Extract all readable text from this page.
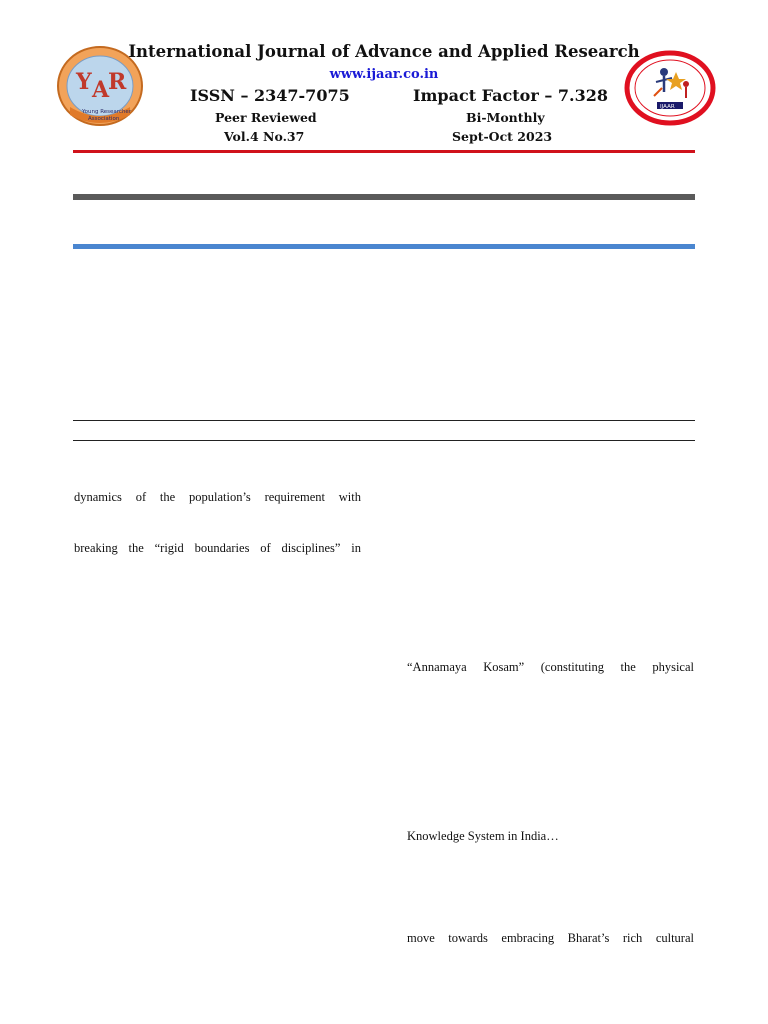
Y A
R
Young Researcher
Association
IJAAR
International Journal of Advance and Applied Research
www.ijaar.co.in
ISSN – 2347-7075	Impact Factor – 7.328
Peer Reviewed	Bi-Monthly
Vol.4 No.37	Sept-Oct 2023
dynamics of the population’s requirement with
breaking the “rigid boundaries of disciplines” in
“Annamaya Kosam” (constituting the physical
Knowledge System in India…
move towards embracing Bharat’s rich cultural
